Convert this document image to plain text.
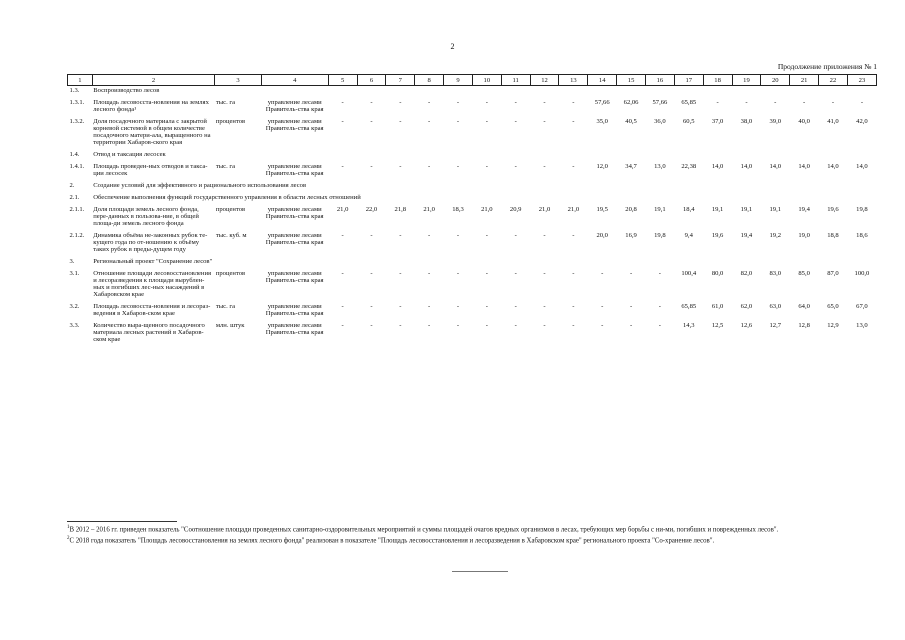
2
Продолжение приложения № 1
1	2	3	4	5	6	7	8	9	10	11	12	13	14	15	16	17	18	19	20	21	22	23
1.3.	Воспроизводство лесов																					
1.3.1.	Площадь лесовосста-новления на землях лесного фонда¹	тыс. га	управление лесами Правитель-ства края	-	-	-	-	-	-	-	-	-	57,66	62,06	57,66	65,85	-	-	-	-	-	-
1.3.2.	Доля посадочного материала с закрытой корневой системой в общем количестве посадочного матери-ала, выращенного на территории Хабаров-ского края	процентов	управление лесами Правитель-ства края	-	-	-	-	-	-	-	-	-	35,0	40,5	36,0	60,5	37,0	38,0	39,0	40,0	41,0	42,0
1.4.	Отвод и таксация лесосек																					
1.4.1.	Площадь проведен-ных отводов и такса-ции лесосек	тыс. га	управление лесами Правитель-ства края	-	-	-	-	-	-	-	-	-	12,0	34,7	13,0	22,38	14,0	14,0	14,0	14,0	14,0	14,0
2.	Создание условий для эффективного и рационального использования лесов																					
2.1.	Обеспечение выполнения функций государственного управления в области лесных отношений																					
2.1.1.	Доля площади земель лесного фонда, пере-данных в пользова-ние, в общей площа-ди земель лесного фонда	процентов	управление лесами Правитель-ства края	21,0	22,0	21,8	21,0	18,3	21,0	20,9	21,0	21,0	19,5	20,8	19,1	18,4	19,1	19,1	19,1	19,4	19,6	19,8
2.1.2.	Динамика объёма не-законных рубок те-кущего года по от-ношению к объёму таких рубок в преды-дущем году	тыс. куб. м	управление лесами Правитель-ства края	-	-	-	-	-	-	-	-	-	20,0	16,9	19,8	9,4	19,6	19,4	19,2	19,0	18,8	18,6
3.	Региональный проект "Сохранение лесов"																					
3.1.	Отношение площади лесовосстановления и лесоразведения к площади вырублен-ных и погибших лес-ных насаждений в Хабаровском крае	процентов	управление лесами Правитель-ства края	-	-	-	-	-	-	-	-	-	-	-	-	100,4	80,0	82,0	83,0	85,0	87,0	100,0
3.2.	Площадь лесовосста-новления и лесораз-ведения в Хабаров-ском крае	тыс. га	управление лесами Правитель-ства края	-	-	-	-	-	-	-	-	-	-	-	-	65,85	61,0	62,0	63,0	64,0	65,0	67,0
3.3.	Количество выра-щенного посадочного материала лесных растений в Хабаров-ском крае	млн. штук	управление лесами Правитель-ства края	-	-	-	-	-	-	-	-	-	-	-	-	14,3	12,5	12,6	12,7	12,8	12,9	13,0

$^1$В 2012 – 2016 гг. приведен показатель "Соотношение площади проведенных санитарно-оздоровительных мероприятий и суммы площадей очагов вредных организмов в лесах, требующих мер борьбы с ни-ми, погибших и поврежденных лесов".

$^2$С 2018 года показатель "Площадь лесовосстановления на землях лесного фонда" реализован в показателе "Площадь лесовосстановления и лесоразведения в Хабаровском крае" регионального проекта "Со-хранение лесов".
